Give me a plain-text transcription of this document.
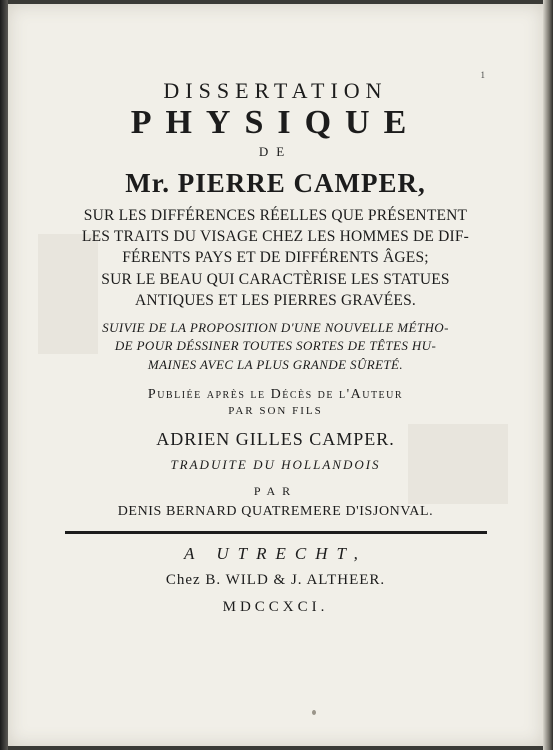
1
DISSERTATION
PHYSIQUE
DE
Mr. PIERRE CAMPER,
SUR LES DIFFÉRENCES RÉELLES QUE PRÉSENTENT
LES TRAITS DU VISAGE CHEZ LES HOMMES DE DIF-
FÉRENTS PAYS ET DE DIFFÉRENTS ÂGES;
SUR LE BEAU QUI CARACTÈRISE LES STATUES
ANTIQUES ET LES PIERRES GRAVÉES.
SUIVIE DE LA PROPOSITION D'UNE NOUVELLE MÉTHO-
DE POUR DÉSSINER TOUTES SORTES DE TÊTES HU-
MAINES AVEC LA PLUS GRANDE SÛRETÉ.
Publiée après le Décès de l'Auteur
PAR SON FILS
ADRIEN GILLES CAMPER.
TRADUITE DU HOLLANDOIS
PAR
DENIS BERNARD QUATREMERE D'ISJONVAL.
A UTRECHT,
Chez B. WILD & J. ALTHEER.
MDCCXCI.
